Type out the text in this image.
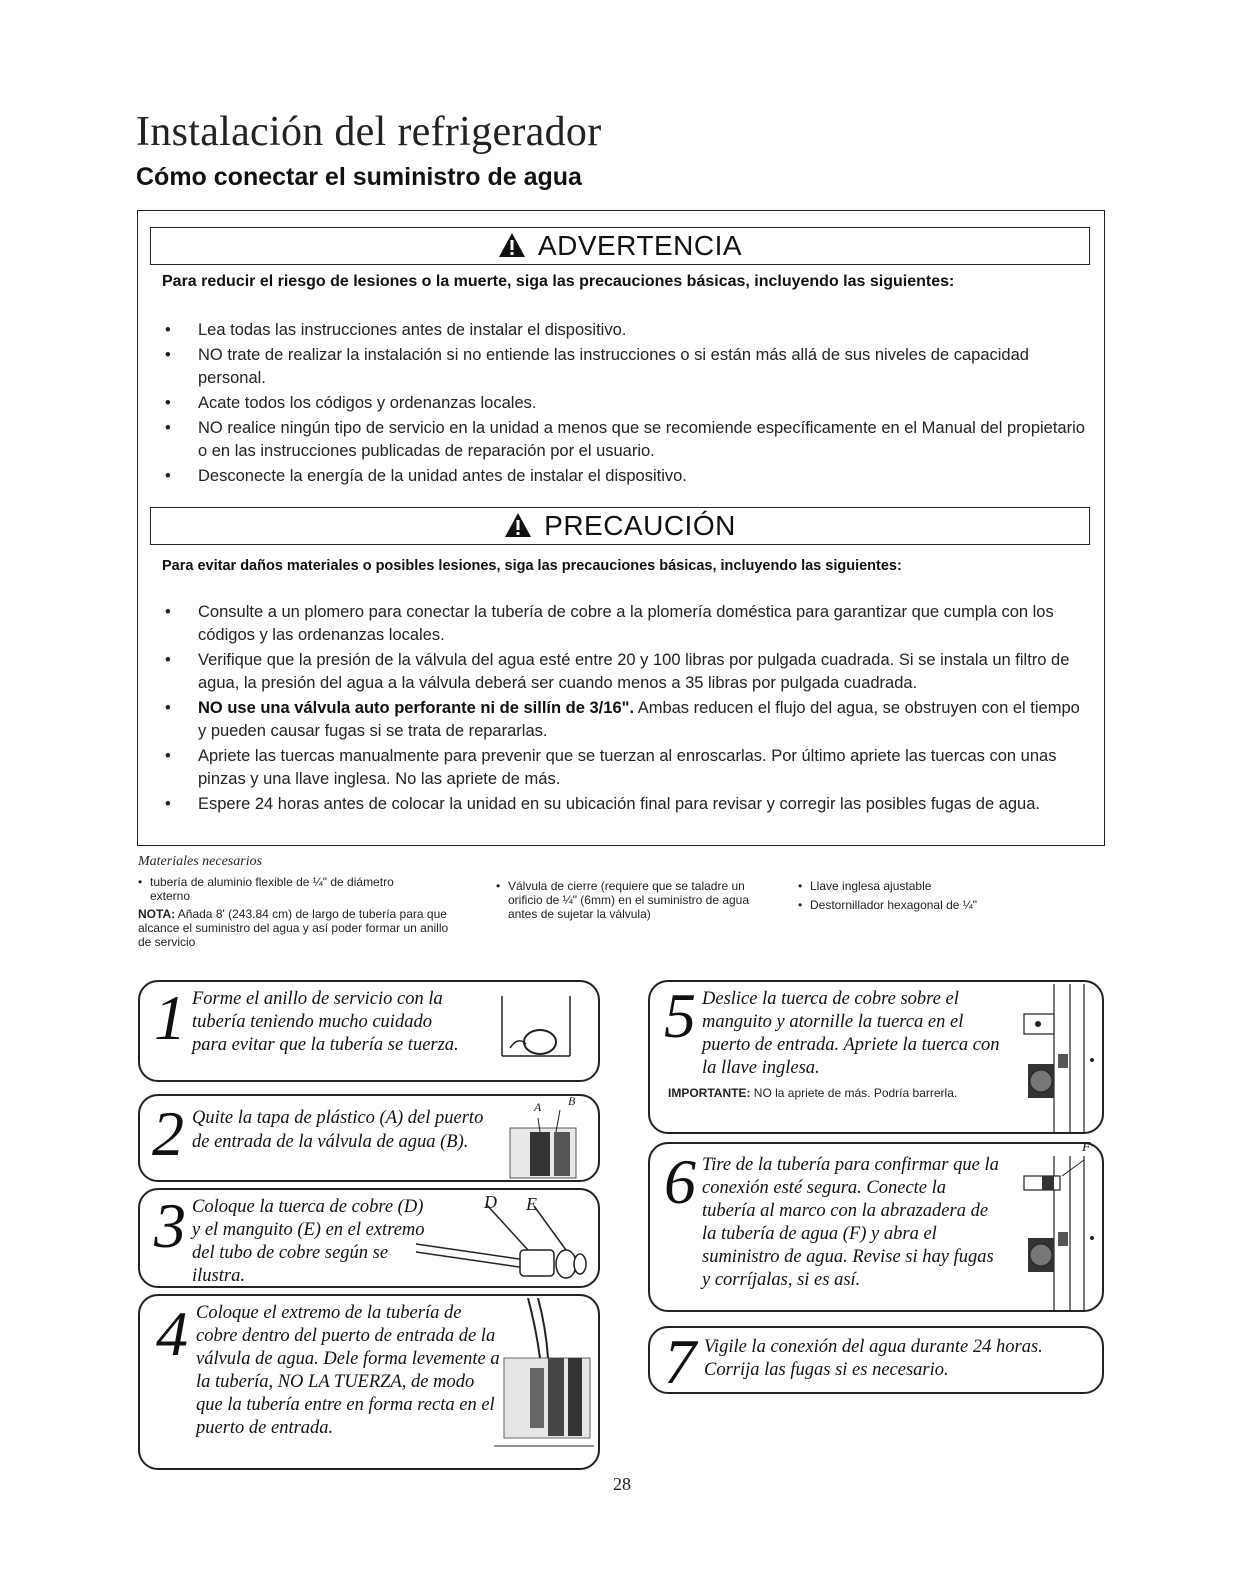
Instalación del refrigerador
Cómo conectar el suministro de agua
ADVERTENCIA
Para reducir el riesgo de lesiones o la muerte, siga las precauciones básicas, incluyendo las siguientes:
• Lea todas las instrucciones antes de instalar el dispositivo.
• NO trate de realizar la instalación si no entiende las instrucciones o si están más allá de sus niveles de capacidad personal.
• Acate todos los códigos y ordenanzas locales.
• NO realice ningún tipo de servicio en la unidad a menos que se recomiende específicamente en el Manual del propietario o en las instrucciones publicadas de reparación por el usuario.
• Desconecte la energía de la unidad antes de instalar el dispositivo.
PRECAUCIÓN
Para evitar daños materiales o posibles lesiones, siga las precauciones básicas, incluyendo las siguientes:
• Consulte a un plomero para conectar la tubería de cobre a la plomería doméstica para garantizar que cumpla con los códigos y las ordenanzas locales.
• Verifique que la presión de la válvula del agua esté entre 20 y 100 libras por pulgada cuadrada. Si se instala un filtro de agua, la presión del agua a la válvula deberá ser cuando menos a 35 libras por pulgada cuadrada.
• NO use una válvula auto perforante ni de sillín de 3/16". Ambas reducen el flujo del agua, se obstruyen con el tiempo y pueden causar fugas si se trata de repararlas.
• Apriete las tuercas manualmente para prevenir que se tuerzan al enroscarlas. Por último apriete las tuercas con unas pinzas y una llave inglesa. No las apriete de más.
• Espere 24 horas antes de colocar la unidad en su ubicación final para revisar y corregir las posibles fugas de agua.
Materiales necesarios
• tubería de aluminio flexible de ¼" de diámetro externo
NOTA: Añada 8' (243.84 cm) de largo de tubería para que alcance el suministro del agua y así poder formar un anillo de servicio
• Válvula de cierre (requiere que se taladre un orificio de ¼" (6mm) en el suministro de agua antes de sujetar la válvula)
• Llave inglesa ajustable
• Destornillador hexagonal de ¼"
1 Forme el anillo de servicio con la tubería teniendo mucho cuidado para evitar que la tubería se tuerza.
2 Quite la tapa de plástico (A) del puerto de entrada de la válvula de agua (B).
A B
3 Coloque la tuerca de cobre (D) y el manguito (E) en el extremo del tubo de cobre según se ilustra.
D E
4 Coloque el extremo de la tubería de cobre dentro del puerto de entrada de la válvula de agua. Dele forma levemente a la tubería, NO LA TUERZA, de modo que la tubería entre en forma recta en el puerto de entrada.
5 Deslice la tuerca de cobre sobre el manguito y atornille la tuerca en el puerto de entrada. Apriete la tuerca con la llave inglesa.
IMPORTANTE: NO la apriete de más. Podría barrerla.
6 Tire de la tubería para confirmar que la conexión esté segura. Conecte la tubería al marco con la abrazadera de la tubería de agua (F) y abra el suministro de agua. Revise si hay fugas y corríjalas, si es así.
F
7 Vigile la conexión del agua durante 24 horas. Corrija las fugas si es necesario.
28
